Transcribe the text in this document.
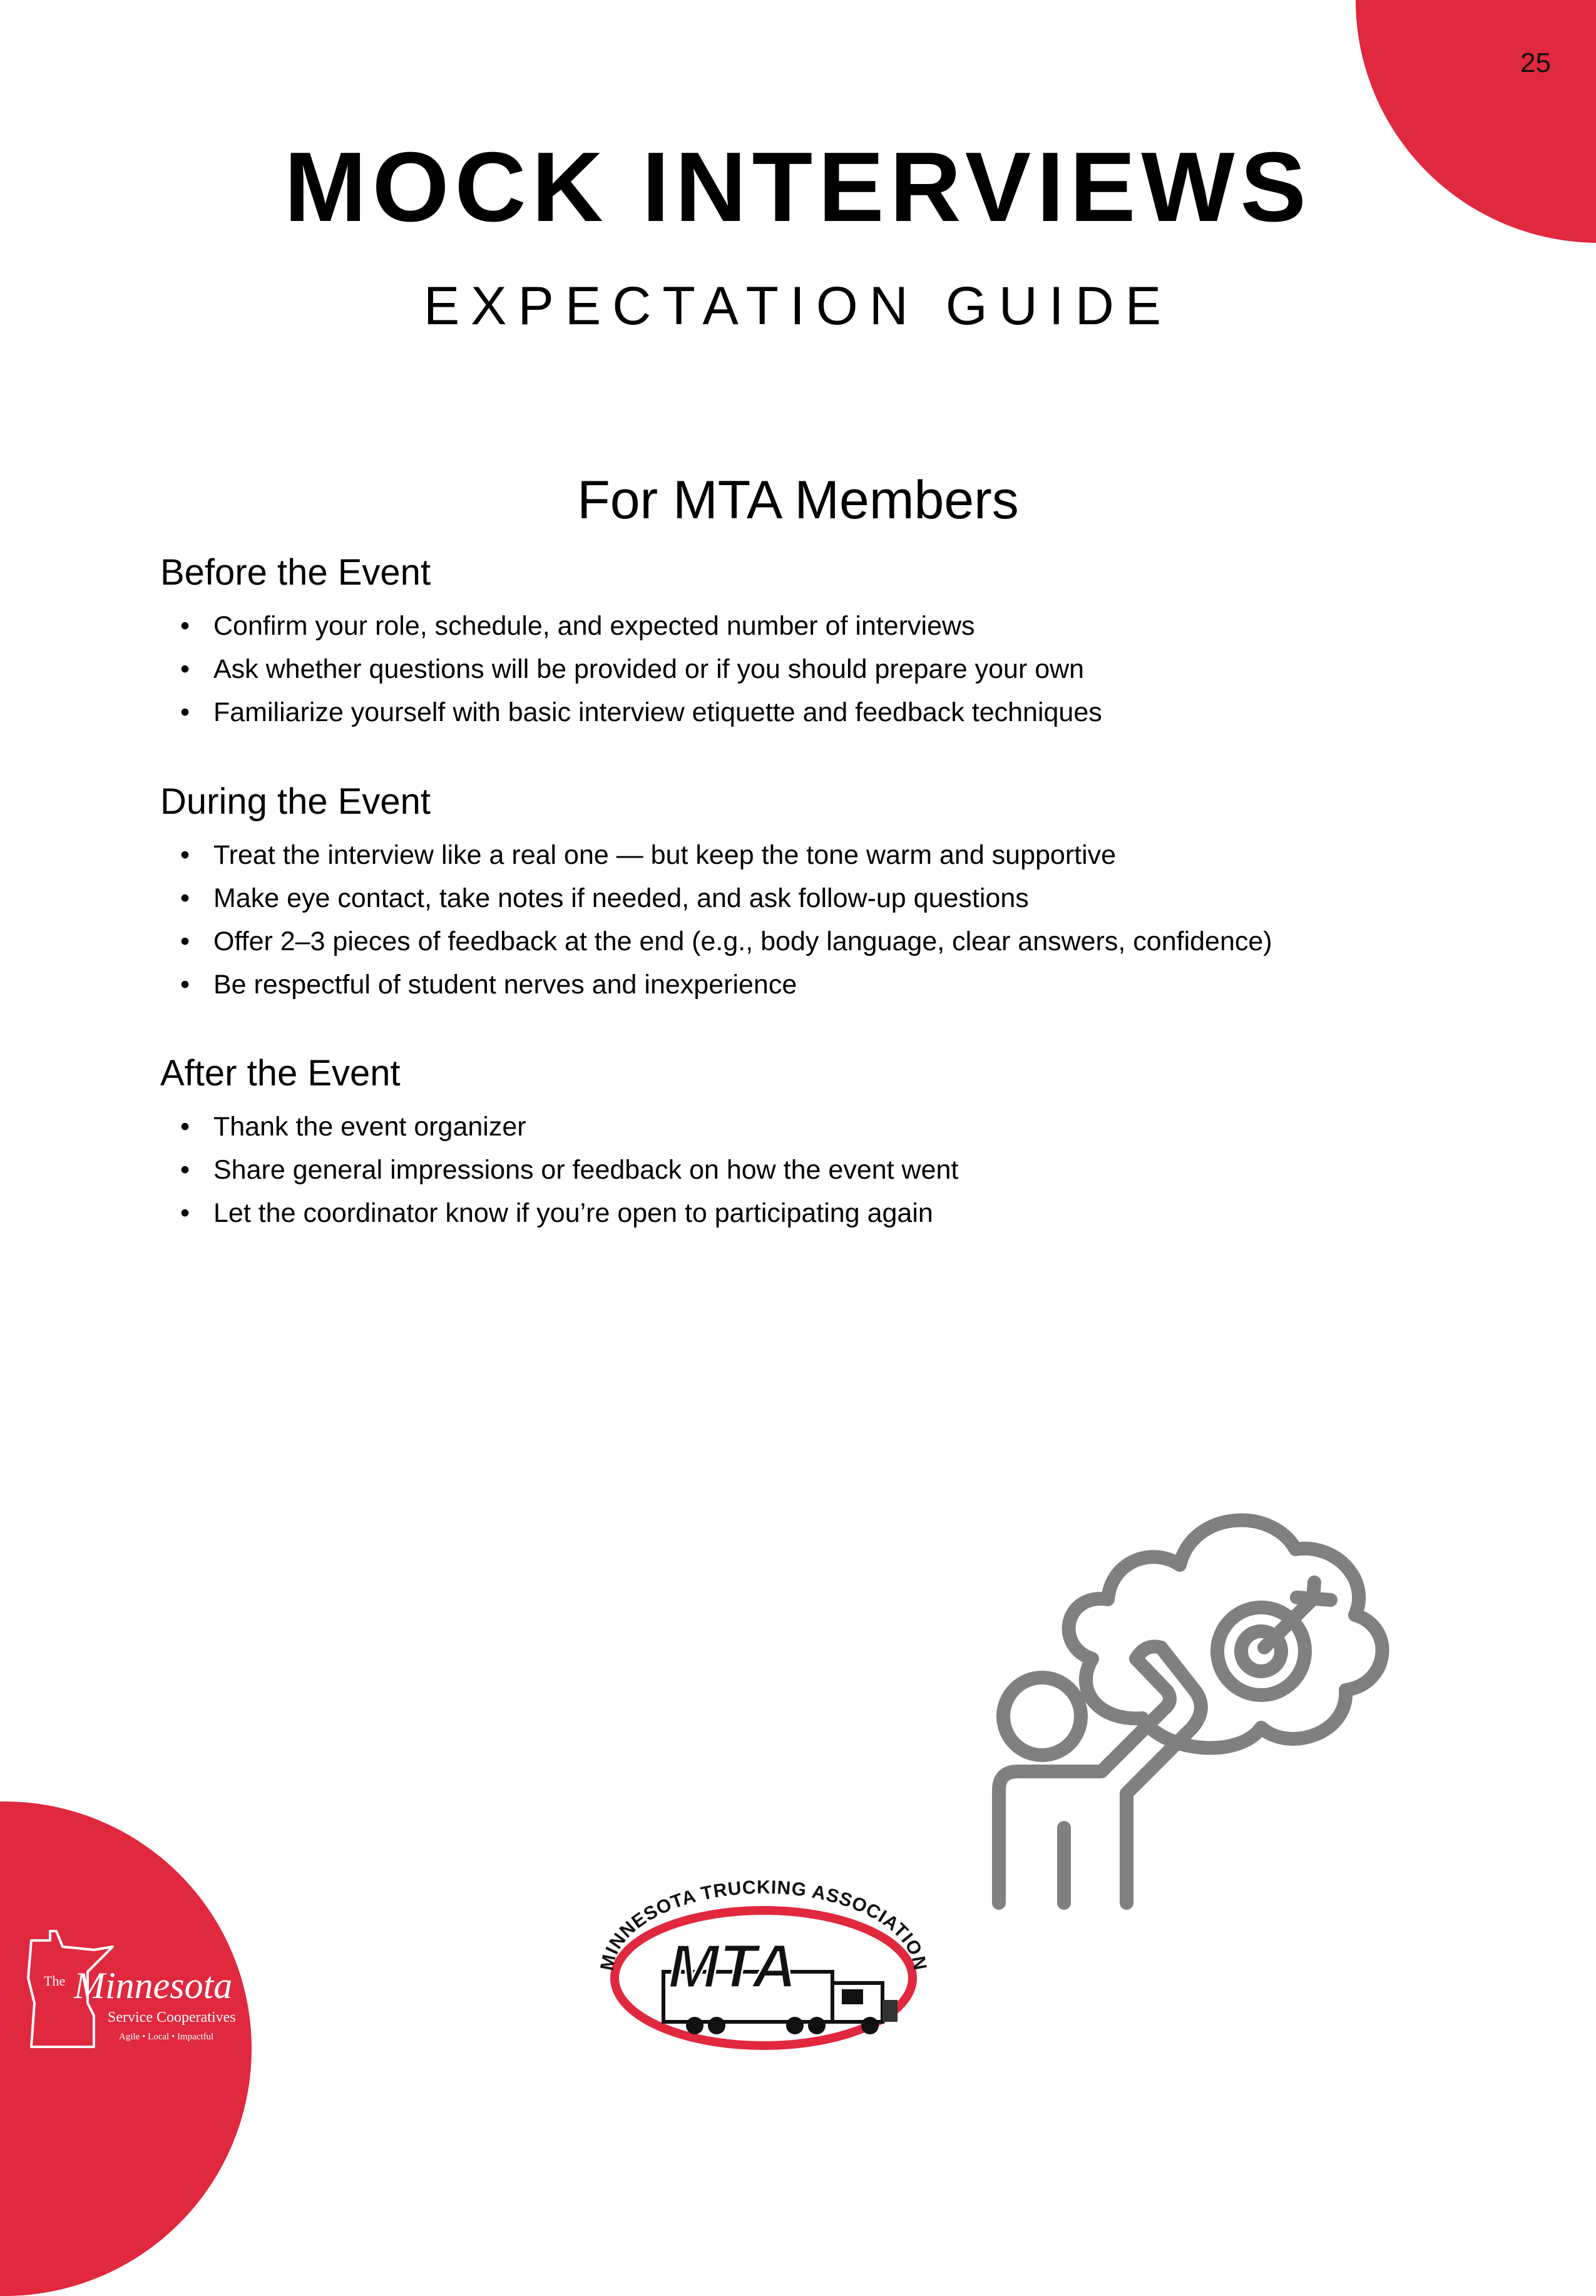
25
MOCK INTERVIEWS
EXPECTATION GUIDE
For MTA Members
Before the Event
• Confirm your role, schedule, and expected number of interviews
• Ask whether questions will be provided or if you should prepare your own
• Familiarize yourself with basic interview etiquette and feedback techniques
During the Event
• Treat the interview like a real one — but keep the tone warm and supportive
• Make eye contact, take notes if needed, and ask follow-up questions
• Offer 2–3 pieces of feedback at the end (e.g., body language, clear answers, confidence)
• Be respectful of student nerves and inexperience
After the Event
• Thank the event organizer
• Share general impressions or feedback on how the event went
• Let the coordinator know if you’re open to participating again
MINNESOTA TRUCKING ASSOCIATION
MTA
The Minnesota
Service Cooperatives
Agile • Local • Impactful
